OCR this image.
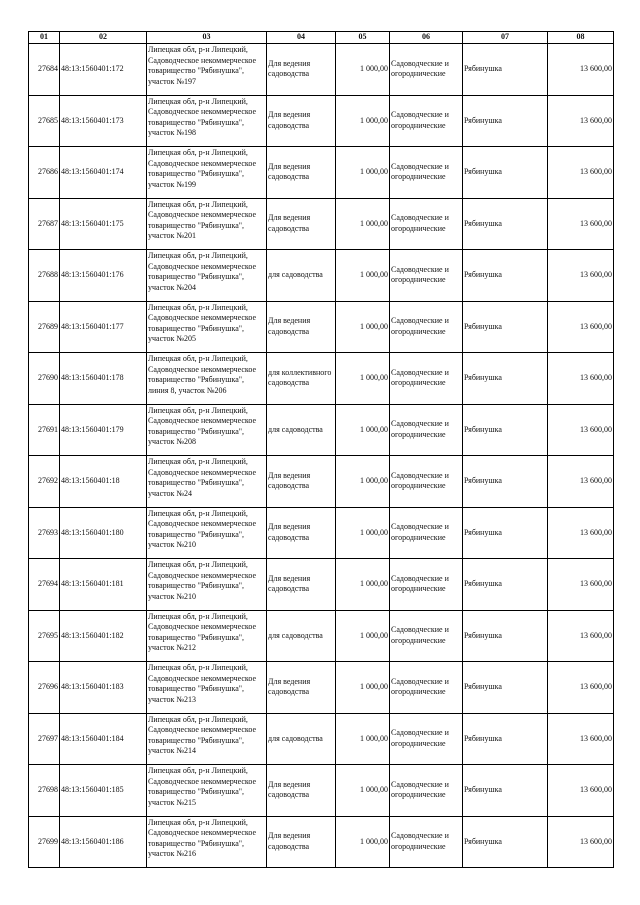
01	02	03	04	05	06	07	08
27684	48:13:1560401:172	Липецкая обл, р-н Липецкий, Садоводческое некоммерческое товарищество "Рябинушка", участок №197	Для ведения садоводства	1 000,00	Садоводческие и огороднические	Рябинушка	13 600,00
27685	48:13:1560401:173	Липецкая обл, р-н Липецкий, Садоводческое некоммерческое товарищество "Рябинушка", участок №198	Для ведения садоводства	1 000,00	Садоводческие и огороднические	Рябинушка	13 600,00
27686	48:13:1560401:174	Липецкая обл, р-н Липецкий, Садоводческое некоммерческое товарищество "Рябинушка", участок №199	Для ведения садоводства	1 000,00	Садоводческие и огороднические	Рябинушка	13 600,00
27687	48:13:1560401:175	Липецкая обл, р-н Липецкий, Садоводческое некоммерческое товарищество "Рябинушка", участок №201	Для ведения садоводства	1 000,00	Садоводческие и огороднические	Рябинушка	13 600,00
27688	48:13:1560401:176	Липецкая обл, р-н Липецкий, Садоводческое некоммерческое товарищество "Рябинушка", участок №204	для садоводства	1 000,00	Садоводческие и огороднические	Рябинушка	13 600,00
27689	48:13:1560401:177	Липецкая обл, р-н Липецкий, Садоводческое некоммерческое товарищество "Рябинушка", участок №205	Для ведения садоводства	1 000,00	Садоводческие и огороднические	Рябинушка	13 600,00
27690	48:13:1560401:178	Липецкая обл, р-н Липецкий, Садоводческое некоммерческое товарищество "Рябинушка", линия 8, участок №206	для коллективного садоводства	1 000,00	Садоводческие и огороднические	Рябинушка	13 600,00
27691	48:13:1560401:179	Липецкая обл, р-н Липецкий, Садоводческое некоммерческое товарищество "Рябинушка", участок №208	для садоводства	1 000,00	Садоводческие и огороднические	Рябинушка	13 600,00
27692	48:13:1560401:18	Липецкая обл, р-н Липецкий, Садоводческое некоммерческое товарищество "Рябинушка", участок №24	Для ведения садоводства	1 000,00	Садоводческие и огороднические	Рябинушка	13 600,00
27693	48:13:1560401:180	Липецкая обл, р-н Липецкий, Садоводческое некоммерческое товарищество "Рябинушка", участок №210	Для ведения садоводства	1 000,00	Садоводческие и огороднические	Рябинушка	13 600,00
27694	48:13:1560401:181	Липецкая обл, р-н Липецкий, Садоводческое некоммерческое товарищество "Рябинушка", участок №210	Для ведения садоводства	1 000,00	Садоводческие и огороднические	Рябинушка	13 600,00
27695	48:13:1560401:182	Липецкая обл, р-н Липецкий, Садоводческое некоммерческое товарищество "Рябинушка", участок №212	для садоводства	1 000,00	Садоводческие и огороднические	Рябинушка	13 600,00
27696	48:13:1560401:183	Липецкая обл, р-н Липецкий, Садоводческое некоммерческое товарищество "Рябинушка", участок №213	Для ведения садоводства	1 000,00	Садоводческие и огороднические	Рябинушка	13 600,00
27697	48:13:1560401:184	Липецкая обл, р-н Липецкий, Садоводческое некоммерческое товарищество "Рябинушка", участок №214	для садоводства	1 000,00	Садоводческие и огороднические	Рябинушка	13 600,00
27698	48:13:1560401:185	Липецкая обл, р-н Липецкий, Садоводческое некоммерческое товарищество "Рябинушка", участок №215	Для ведения садоводства	1 000,00	Садоводческие и огороднические	Рябинушка	13 600,00
27699	48:13:1560401:186	Липецкая обл, р-н Липецкий, Садоводческое некоммерческое товарищество "Рябинушка", участок №216	Для ведения садоводства	1 000,00	Садоводческие и огороднические	Рябинушка	13 600,00
